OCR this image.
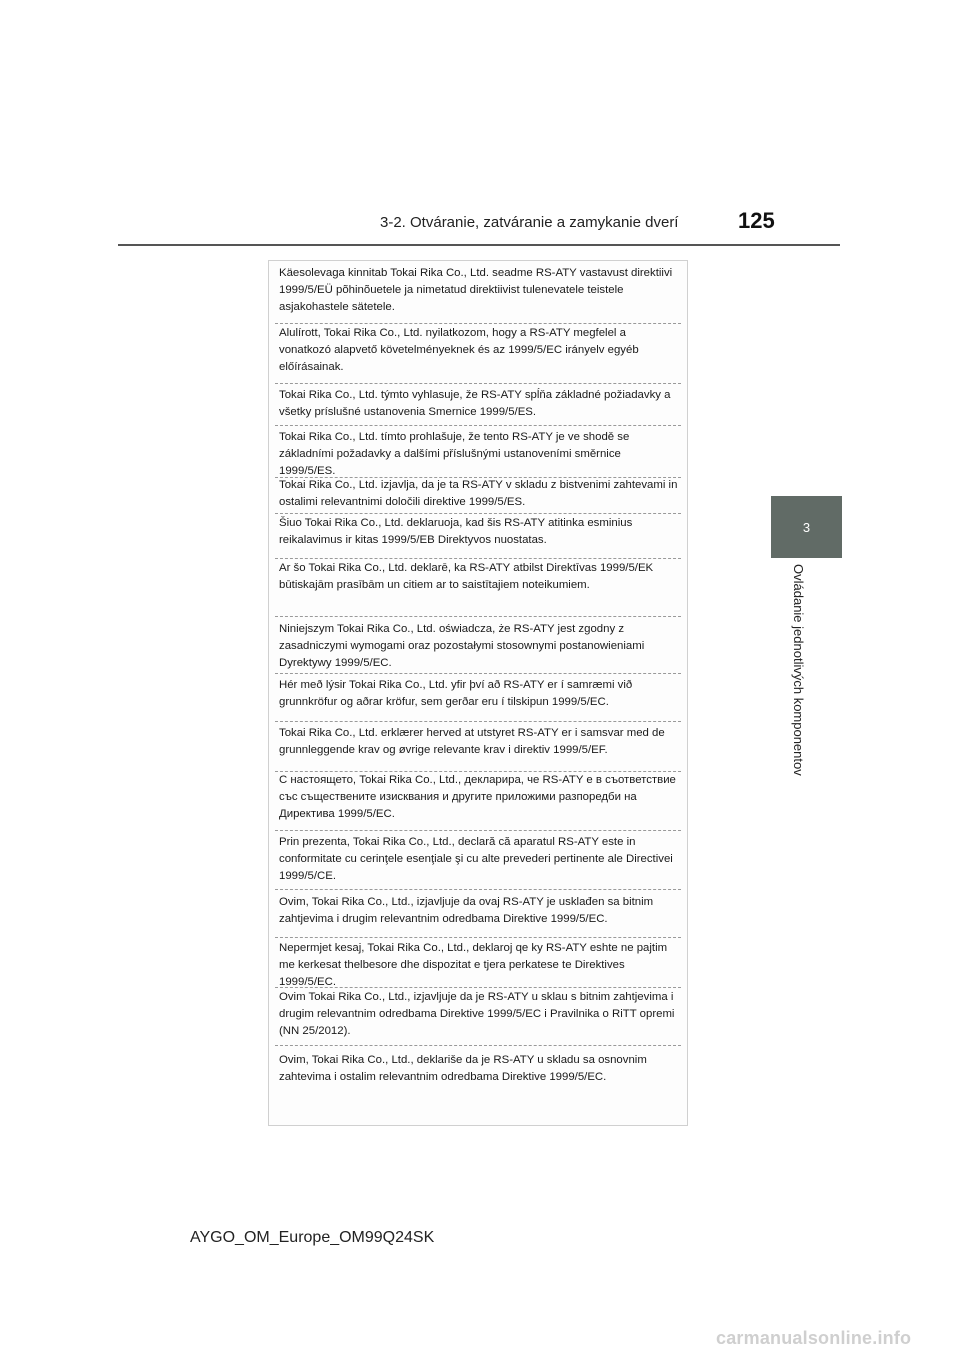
3-2. Otváranie, zatváranie a zamykanie dverí	125
3
Ovládanie jednotlivých komponentov
Käesolevaga kinnitab Tokai Rika Co., Ltd. seadme RS-ATY vastavust direktiivi 1999/5/EÜ põhinõuetele ja nimetatud direktiivist tulenevatele teistele asjakohastele sätetele.
Alulírott, Tokai Rika Co., Ltd. nyilatkozom, hogy a RS-ATY megfelel a vonatkozó alapvető követelményeknek és az 1999/5/EC irányelv egyéb előírásainak.
Tokai Rika Co., Ltd. týmto vyhlasuje, že RS-ATY spĺňa základné požiadavky a všetky príslušné ustanovenia Smernice 1999/5/ES.
Tokai Rika Co., Ltd. tímto prohlašuje, že tento RS-ATY je ve shodě se základními požadavky a dalšími příslušnými ustanoveními směrnice 1999/5/ES.
Tokai Rika Co., Ltd. izjavlja, da je ta RS-ATY v skladu z bistvenimi zahtevami in ostalimi relevantnimi določili direktive 1999/5/ES.
Šiuo Tokai Rika Co., Ltd. deklaruoja, kad šis RS-ATY atitinka esminius reikalavimus ir kitas 1999/5/EB Direktyvos nuostatas.
Ar šo Tokai Rika Co., Ltd. deklarē, ka RS-ATY atbilst Direktīvas 1999/5/EK būtiskajām prasībām un citiem ar to saistītajiem noteikumiem.
Niniejszym Tokai Rika Co., Ltd. oświadcza, że RS-ATY jest zgodny z zasadniczymi wymogami oraz pozostałymi stosownymi postanowieniami Dyrektywy 1999/5/EC.
Hér með lýsir Tokai Rika Co., Ltd. yfir því að RS-ATY er í samræmi við grunnkröfur og aðrar kröfur, sem gerðar eru í tilskipun 1999/5/EC.
Tokai Rika Co., Ltd. erklærer herved at utstyret RS-ATY er i samsvar med de grunnleggende krav og øvrige relevante krav i direktiv 1999/5/EF.
С настоящето, Tokai Rika Co., Ltd., декларира, че RS-ATY е в съответствие със съществените изисквания и другите приложими разпоредби на Директива 1999/5/EC.
Prin prezenta, Tokai Rika Co., Ltd., declară că aparatul RS-ATY este in conformitate cu cerinţele esenţiale şi cu alte prevederi pertinente ale Directivei 1999/5/CE.
Ovim, Tokai Rika Co., Ltd., izjavljuje da ovaj RS-ATY je usklađen sa bitnim zahtjevima i drugim relevantnim odredbama Direktive 1999/5/EC.
Nepermjet kesaj, Tokai Rika Co., Ltd., deklaroj qe ky RS-ATY eshte ne pajtim me kerkesat thelbesore dhe dispozitat e tjera perkatese te Direktives 1999/5/EC.
Ovim Tokai Rika Co., Ltd., izjavljuje da je RS-ATY u sklau s bitnim zahtjevima i drugim relevantnim odredbama Direktive 1999/5/EC i Pravilnika o RiTT opremi (NN 25/2012).
Ovim, Tokai Rika Co., Ltd., deklariše da je RS-ATY u skladu sa osnovnim zahtevima i ostalim relevantnim odredbama Direktive 1999/5/EC.
AYGO_OM_Europe_OM99Q24SK
carmanualsonline.info
